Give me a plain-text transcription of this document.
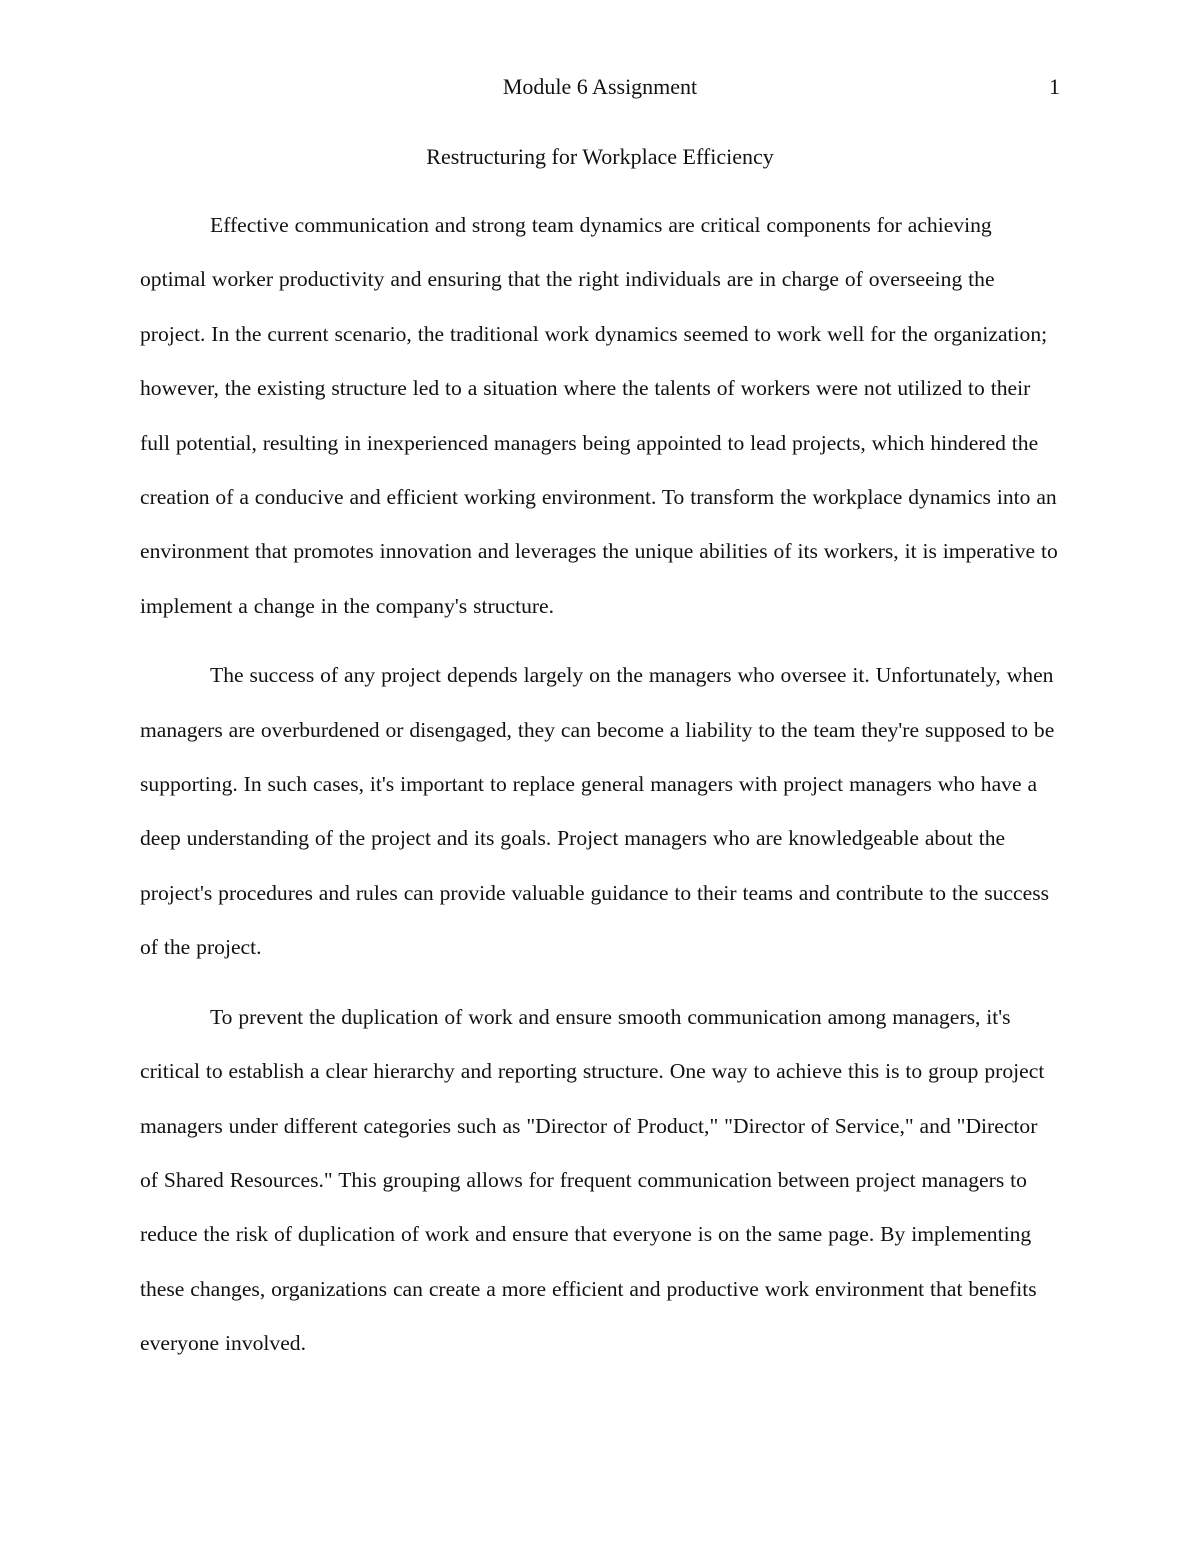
Module 6 Assignment	1
Restructuring for Workplace Efficiency

Effective communication and strong team dynamics are critical components for achieving optimal worker productivity and ensuring that the right individuals are in charge of overseeing the project. In the current scenario, the traditional work dynamics seemed to work well for the organization; however, the existing structure led to a situation where the talents of workers were not utilized to their full potential, resulting in inexperienced managers being appointed to lead projects, which hindered the creation of a conducive and efficient working environment. To transform the workplace dynamics into an environment that promotes innovation and leverages the unique abilities of its workers, it is imperative to implement a change in the company's structure.

The success of any project depends largely on the managers who oversee it. Unfortunately, when managers are overburdened or disengaged, they can become a liability to the team they're supposed to be supporting. In such cases, it's important to replace general managers with project managers who have a deep understanding of the project and its goals. Project managers who are knowledgeable about the project's procedures and rules can provide valuable guidance to their teams and contribute to the success of the project.

To prevent the duplication of work and ensure smooth communication among managers, it's critical to establish a clear hierarchy and reporting structure. One way to achieve this is to group project managers under different categories such as "Director of Product," "Director of Service," and "Director of Shared Resources." This grouping allows for frequent communication between project managers to reduce the risk of duplication of work and ensure that everyone is on the same page. By implementing these changes, organizations can create a more efficient and productive work environment that benefits everyone involved.
